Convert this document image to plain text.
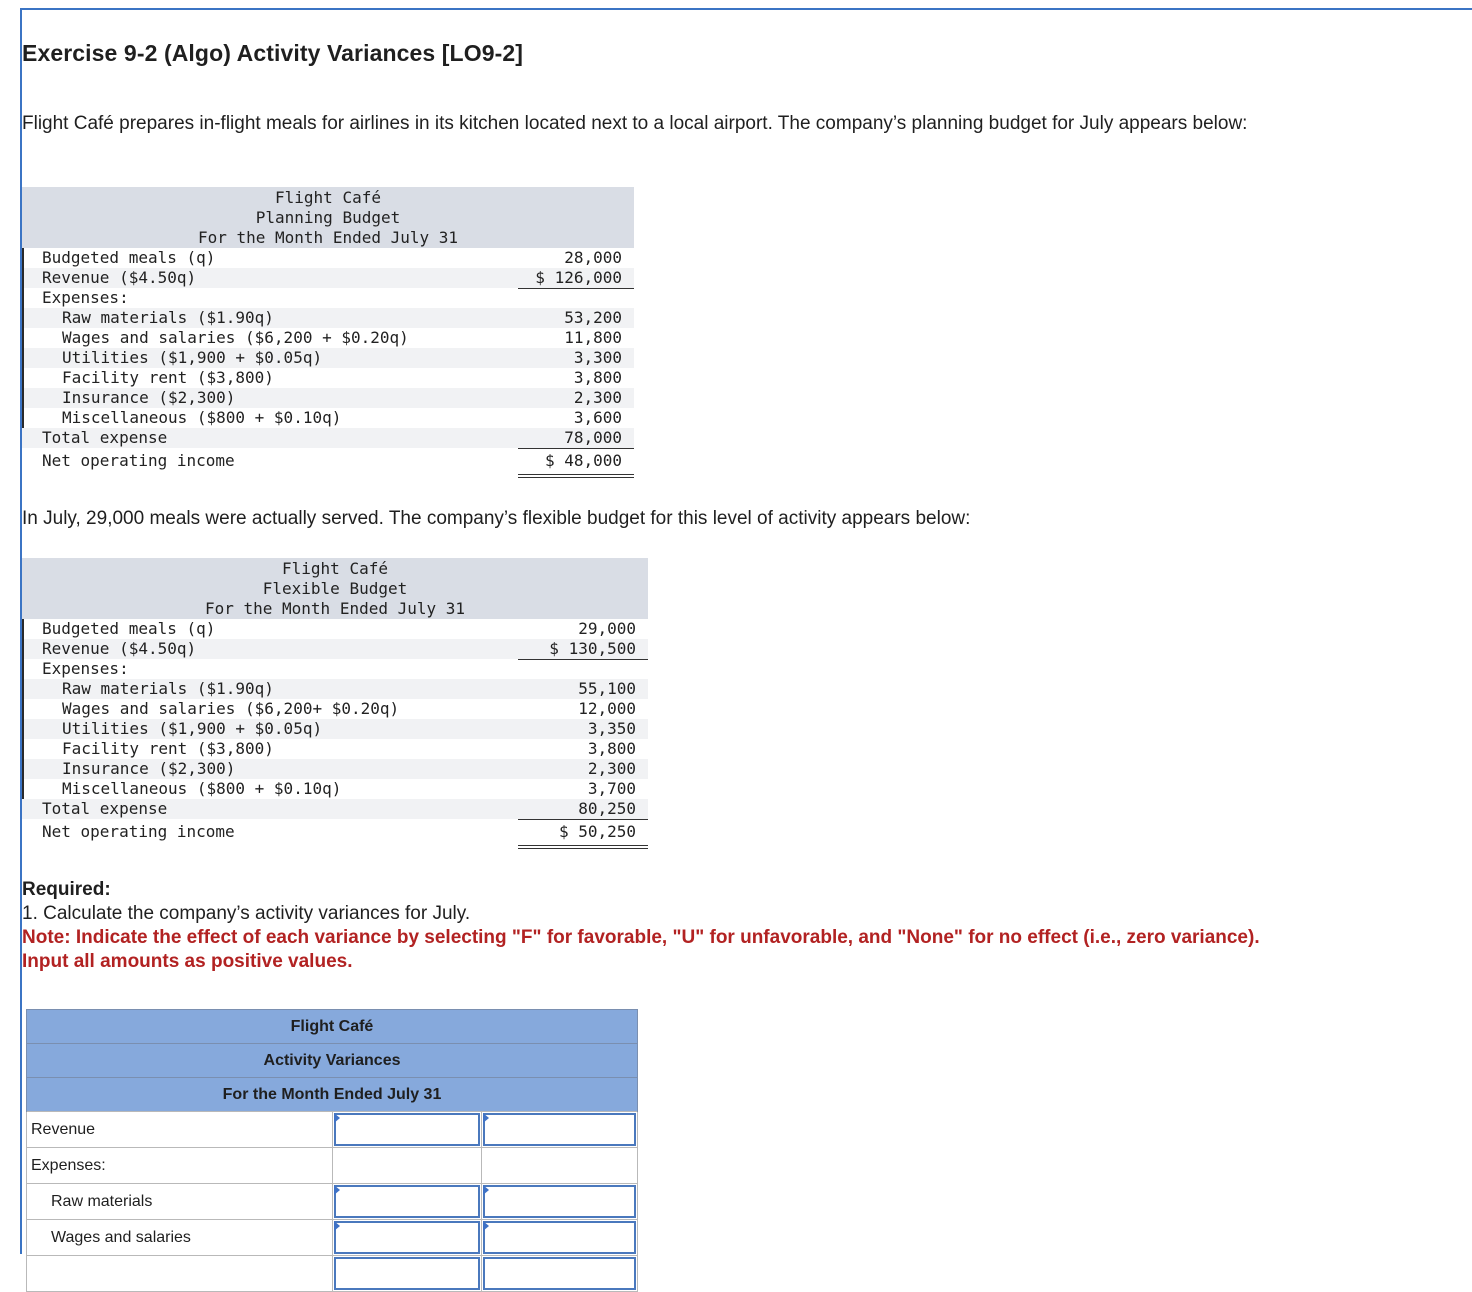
Exercise 9-2 (Algo) Activity Variances [LO9-2]

Flight Café prepares in-flight meals for airlines in its kitchen located next to a local airport. The company’s planning budget for July appears below:

Flight Café
Planning Budget
For the Month Ended July 31
Budgeted meals (q)	28,000
Revenue ($4.50q)	$ 126,000
Expenses:
Raw materials ($1.90q)	53,200
Wages and salaries ($6,200 + $0.20q)	11,800
Utilities ($1,900 + $0.05q)	3,300
Facility rent ($3,800)	3,800
Insurance ($2,300)	2,300
Miscellaneous ($800 + $0.10q)	3,600
Total expense	78,000
Net operating income	$ 48,000

In July, 29,000 meals were actually served. The company’s flexible budget for this level of activity appears below:

Flight Café
Flexible Budget
For the Month Ended July 31
Budgeted meals (q)	29,000
Revenue ($4.50q)	$ 130,500
Expenses:
Raw materials ($1.90q)	55,100
Wages and salaries ($6,200+ $0.20q)	12,000
Utilities ($1,900 + $0.05q)	3,350
Facility rent ($3,800)	3,800
Insurance ($2,300)	2,300
Miscellaneous ($800 + $0.10q)	3,700
Total expense	80,250
Net operating income	$ 50,250
Required:
1. Calculate the company’s activity variances for July.
Note: Indicate the effect of each variance by selecting "F" for favorable, "U" for unfavorable, and "None" for no effect (i.e., zero variance). Input all amounts as positive values.
Flight Café		
Activity Variances		
For the Month Ended July 31		
Revenue	

Expenses:		
Raw materials	

Wages and salaries	
